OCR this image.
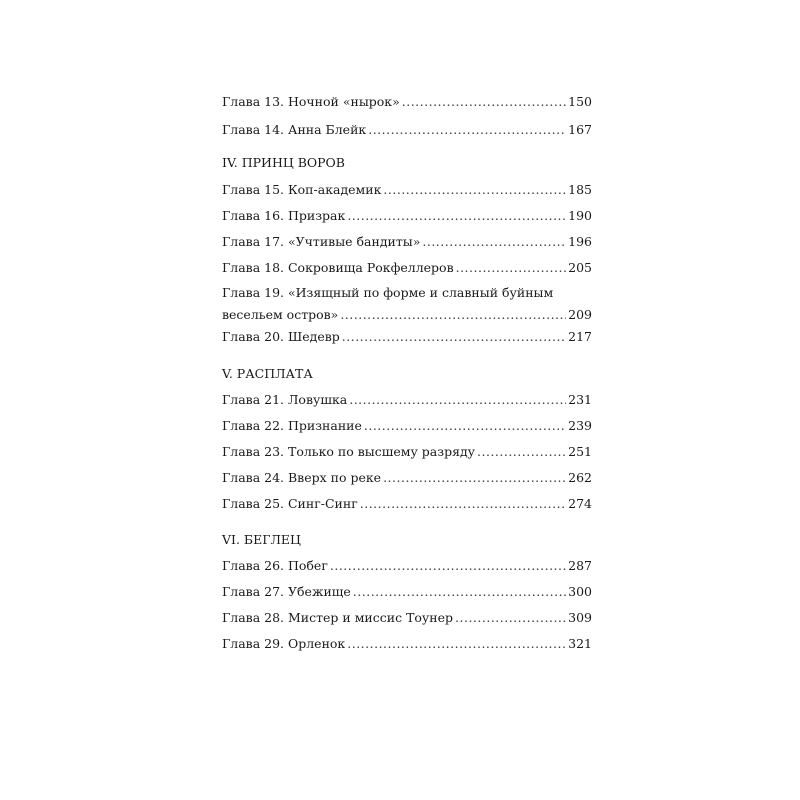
Глава 13. Ночной «нырок» .....	150
Глава 14. Анна Блейк .....	167
IV. ПРИНЦ ВОРОВ
Глава 15. Коп-академик .....	185
Глава 16. Призрак .....	190
Глава 17. «Учтивые бандиты» .....	196
Глава 18. Сокровища Рокфеллеров .....	205
Глава 19. «Изящный по форме и славный буйным
весельем остров» .....	209
Глава 20. Шедевр .....	217
V. РАСПЛАТА
Глава 21. Ловушка .....	231
Глава 22. Признание .....	239
Глава 23. Только по высшему разряду .....	251
Глава 24. Вверх по реке .....	262
Глава 25. Синг-Синг .....	274
VI. БЕГЛЕЦ
Глава 26. Побег .....	287
Глава 27. Убежище .....	300
Глава 28. Мистер и миссис Тоунер .....	309
Глава 29. Орленок .....	321
